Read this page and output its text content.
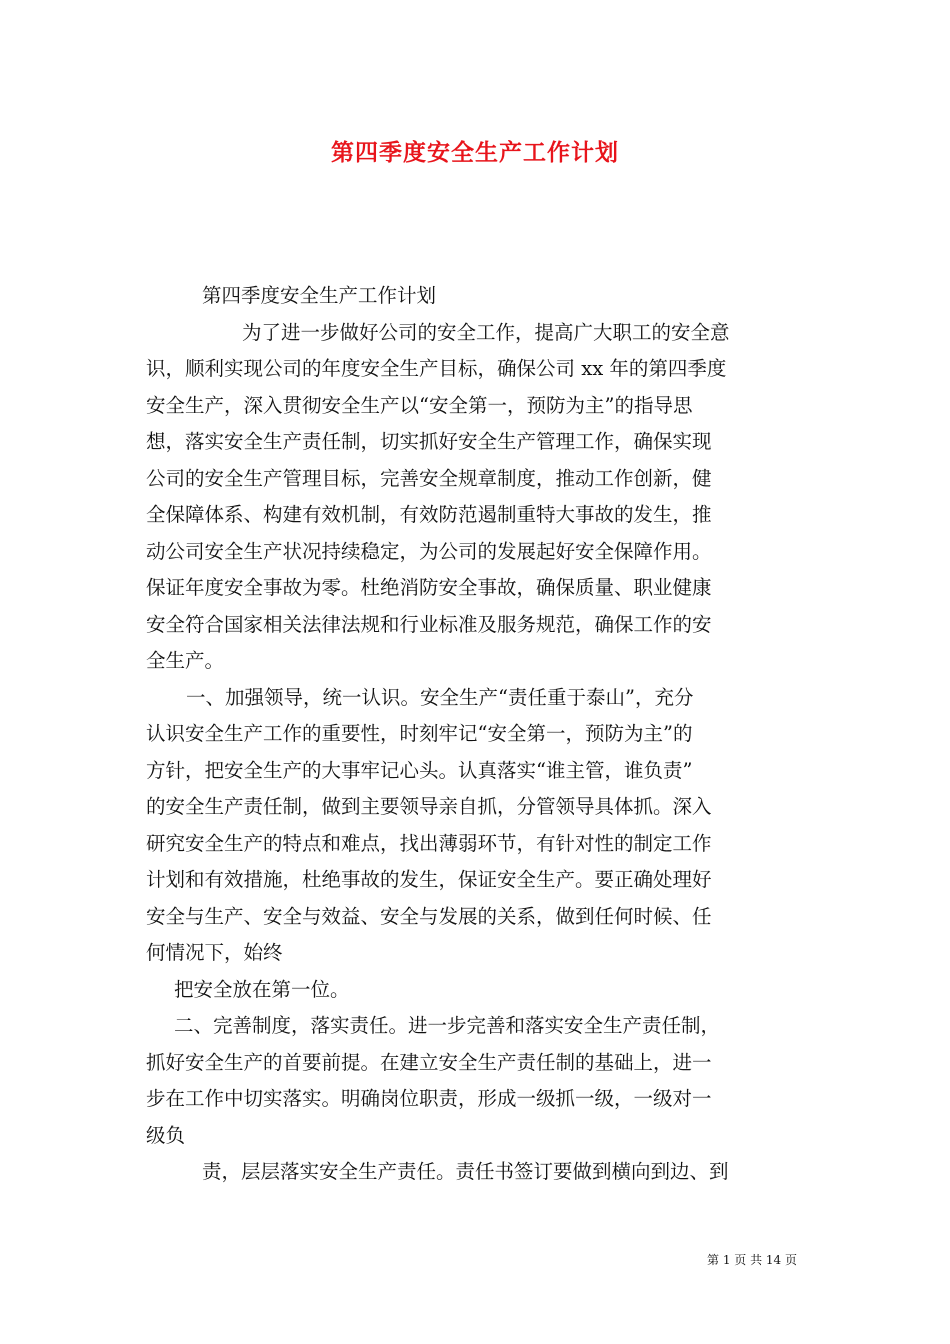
第四季度安全生产工作计划
第四季度安全生产工作计划
为了进一步做好公司的安全工作，提高广大职工的安全意
识，顺利实现公司的年度安全生产目标，确保公司 xx 年的第四季度
安全生产，深入贯彻安全生产以“安全第一，预防为主”的指导思
想，落实安全生产责任制，切实抓好安全生产管理工作，确保实现
公司的安全生产管理目标，完善安全规章制度，推动工作创新，健
全保障体系、构建有效机制，有效防范遏制重特大事故的发生，推
动公司安全生产状况持续稳定，为公司的发展起好安全保障作用。
保证年度安全事故为零。杜绝消防安全事故，确保质量、职业健康
安全符合国家相关法律法规和行业标准及服务规范，确保工作的安
全生产。
一、加强领导，统一认识。安全生产“责任重于泰山”，充分
认识安全生产工作的重要性，时刻牢记“安全第一，预防为主”的
方针，把安全生产的大事牢记心头。认真落实“谁主管，谁负责”
的安全生产责任制，做到主要领导亲自抓，分管领导具体抓。深入
研究安全生产的特点和难点，找出薄弱环节，有针对性的制定工作
计划和有效措施，杜绝事故的发生，保证安全生产。要正确处理好
安全与生产、安全与效益、安全与发展的关系，做到任何时候、任
何情况下，始终
把安全放在第一位。
二、完善制度，落实责任。进一步完善和落实安全生产责任制，
抓好安全生产的首要前提。在建立安全生产责任制的基础上，进一
步在工作中切实落实。明确岗位职责，形成一级抓一级，一级对一
级负
责，层层落实安全生产责任。责任书签订要做到横向到边、到
第 1 页 共 14 页
